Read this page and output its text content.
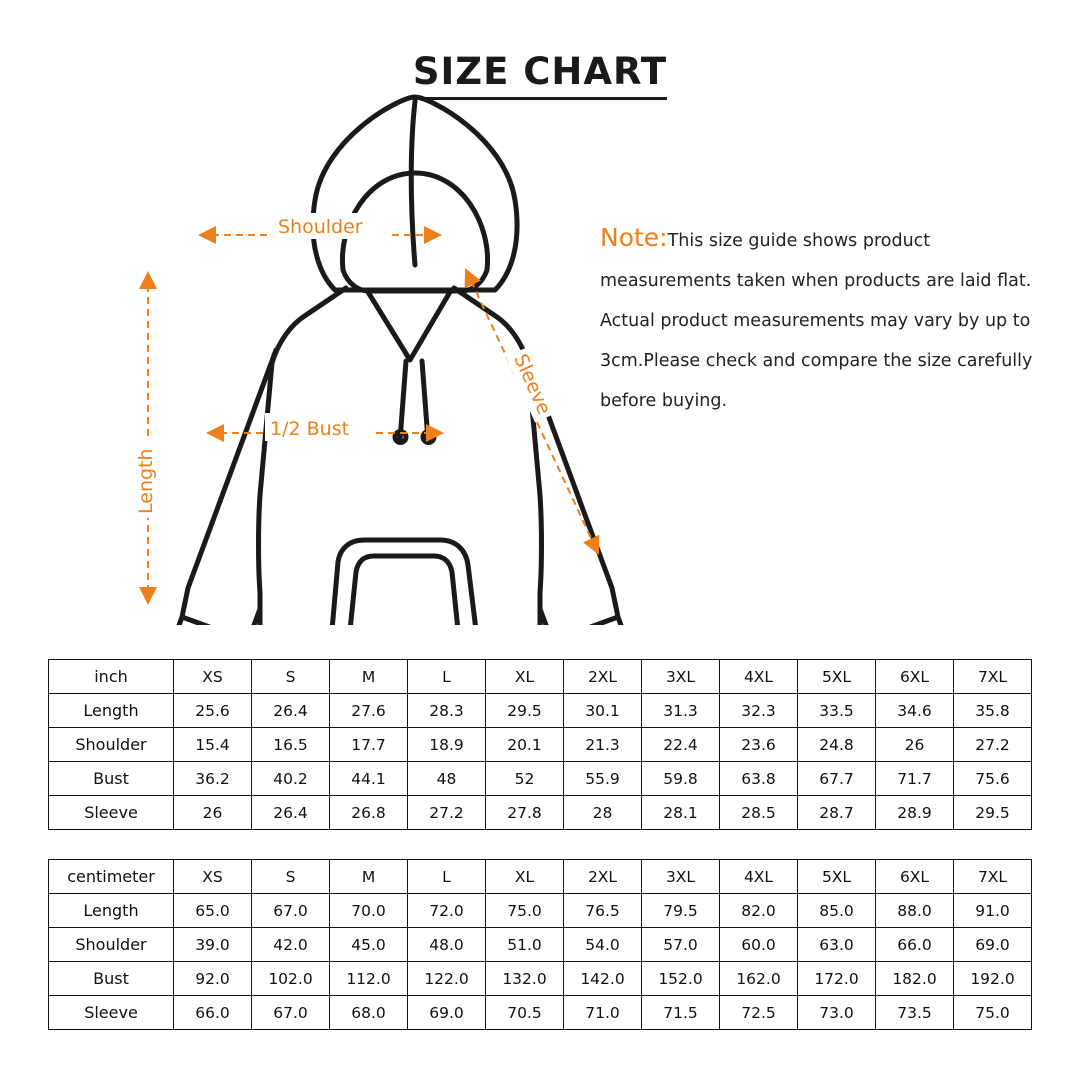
SIZE CHART
Shoulder
1/2 Bust
Length
Sleeve
Note:This size guide shows product measurements taken when products are laid flat. Actual product measurements may vary by up to 3cm.Please check and compare the size carefully before buying.
inch	XS	S	M	L	XL	2XL	3XL	4XL	5XL	6XL	7XL
Length	25.6	26.4	27.6	28.3	29.5	30.1	31.3	32.3	33.5	34.6	35.8
Shoulder	15.4	16.5	17.7	18.9	20.1	21.3	22.4	23.6	24.8	26	27.2
Bust	36.2	40.2	44.1	48	52	55.9	59.8	63.8	67.7	71.7	75.6
Sleeve	26	26.4	26.8	27.2	27.8	28	28.1	28.5	28.7	28.9	29.5
centimeter	XS	S	M	L	XL	2XL	3XL	4XL	5XL	6XL	7XL
Length	65.0	67.0	70.0	72.0	75.0	76.5	79.5	82.0	85.0	88.0	91.0
Shoulder	39.0	42.0	45.0	48.0	51.0	54.0	57.0	60.0	63.0	66.0	69.0
Bust	92.0	102.0	112.0	122.0	132.0	142.0	152.0	162.0	172.0	182.0	192.0
Sleeve	66.0	67.0	68.0	69.0	70.5	71.0	71.5	72.5	73.0	73.5	75.0
